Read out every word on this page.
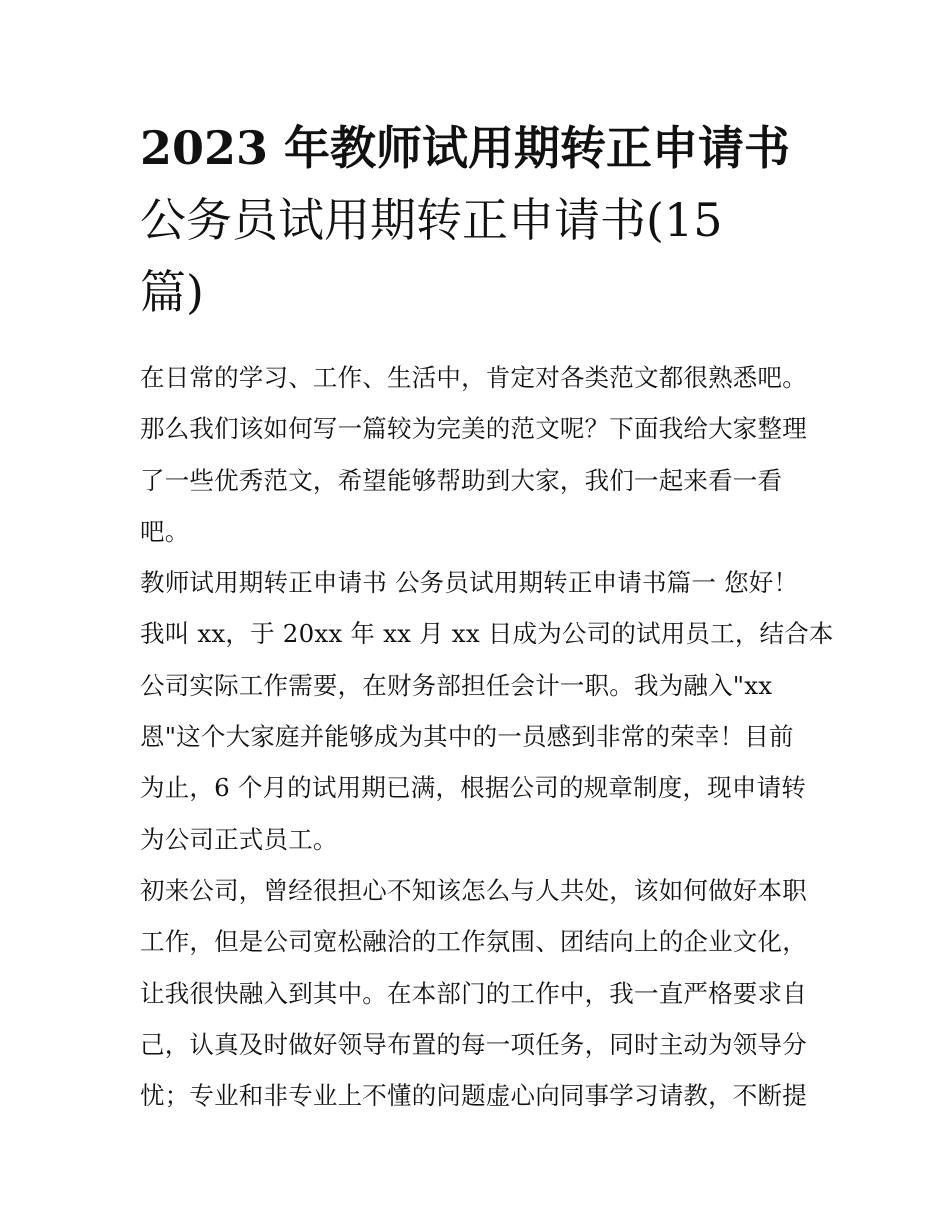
2023 年教师试用期转正申请书
公务员试用期转正申请书(15
篇)
在日常的学习、工作、生活中，肯定对各类范文都很熟悉吧。
那么我们该如何写一篇较为完美的范文呢？下面我给大家整理
了一些优秀范文，希望能够帮助到大家，我们一起来看一看
吧。
教师试用期转正申请书 公务员试用期转正申请书篇一 您好！
我叫 xx，于 20xx 年 xx 月 xx 日成为公司的试用员工，结合本
公司实际工作需要，在财务部担任会计一职。我为融入"xx
恩"这个大家庭并能够成为其中的一员感到非常的荣幸！目前
为止，6 个月的试用期已满，根据公司的规章制度，现申请转
为公司正式员工。
初来公司，曾经很担心不知该怎么与人共处，该如何做好本职
工作，但是公司宽松融洽的工作氛围、团结向上的企业文化，
让我很快融入到其中。在本部门的工作中，我一直严格要求自
己，认真及时做好领导布置的每一项任务，同时主动为领导分
忧；专业和非专业上不懂的问题虚心向同事学习请教，不断提
